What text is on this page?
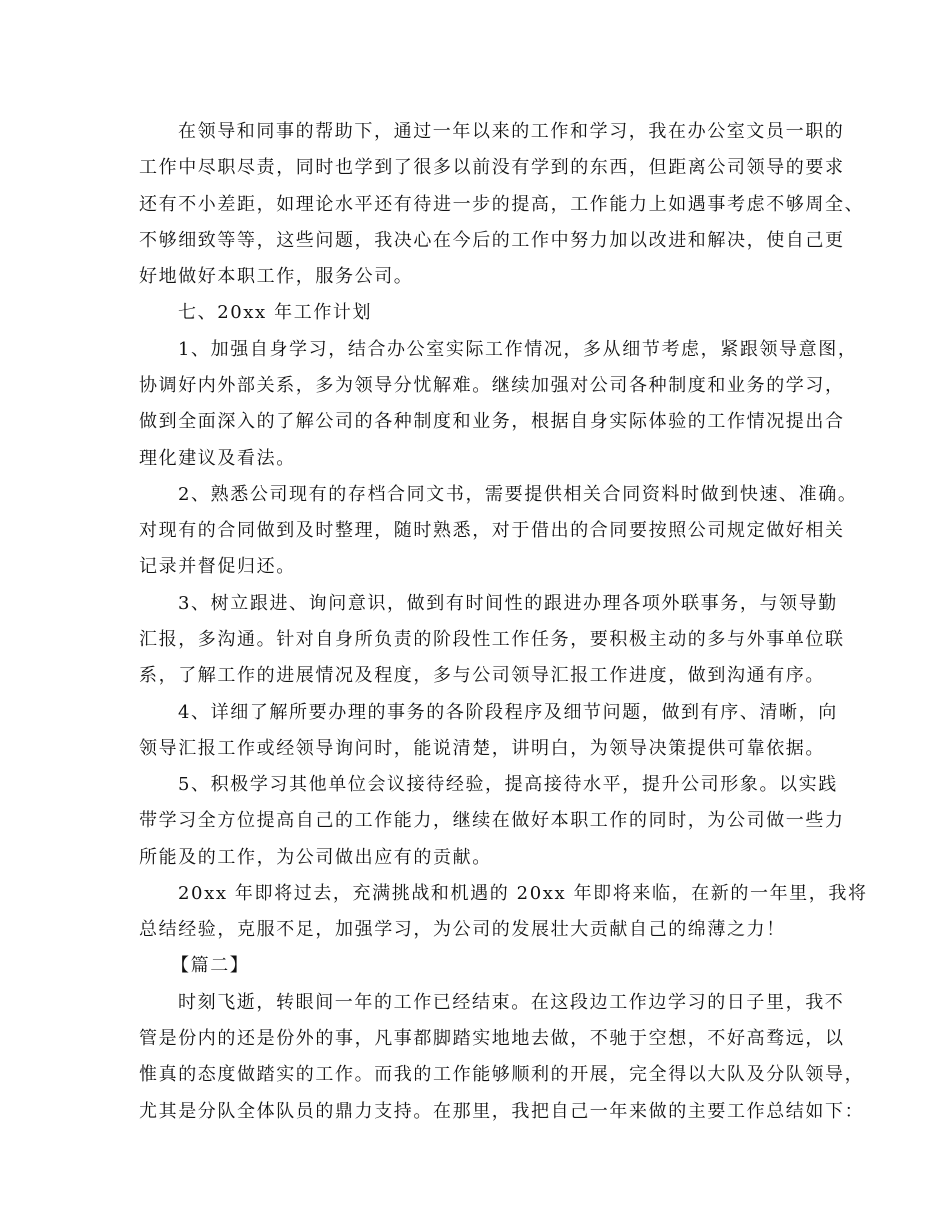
在领导和同事的帮助下，通过一年以来的工作和学习，我在办公室文员一职的
工作中尽职尽责，同时也学到了很多以前没有学到的东西，但距离公司领导的要求
还有不小差距，如理论水平还有待进一步的提高，工作能力上如遇事考虑不够周全、
不够细致等等，这些问题，我决心在今后的工作中努力加以改进和解决，使自己更
好地做好本职工作，服务公司。
七、20xx 年工作计划
1、加强自身学习，结合办公室实际工作情况，多从细节考虑，紧跟领导意图，
协调好内外部关系，多为领导分忧解难。继续加强对公司各种制度和业务的学习，
做到全面深入的了解公司的各种制度和业务，根据自身实际体验的工作情况提出合
理化建议及看法。
2、熟悉公司现有的存档合同文书，需要提供相关合同资料时做到快速、准确。
对现有的合同做到及时整理，随时熟悉，对于借出的合同要按照公司规定做好相关
记录并督促归还。
3、树立跟进、询问意识，做到有时间性的跟进办理各项外联事务，与领导勤
汇报，多沟通。针对自身所负责的阶段性工作任务，要积极主动的多与外事单位联
系，了解工作的进展情况及程度，多与公司领导汇报工作进度，做到沟通有序。
4、详细了解所要办理的事务的各阶段程序及细节问题，做到有序、清晰，向
领导汇报工作或经领导询问时，能说清楚，讲明白，为领导决策提供可靠依据。
5、积极学习其他单位会议接待经验，提高接待水平，提升公司形象。以实践
带学习全方位提高自己的工作能力，继续在做好本职工作的同时，为公司做一些力
所能及的工作，为公司做出应有的贡献。
20xx 年即将过去，充满挑战和机遇的 20xx 年即将来临，在新的一年里，我将
总结经验，克服不足，加强学习，为公司的发展壮大贡献自己的绵薄之力！
【篇二】
时刻飞逝，转眼间一年的工作已经结束。在这段边工作边学习的日子里，我不
管是份内的还是份外的事，凡事都脚踏实地地去做，不驰于空想，不好高骛远，以
惟真的态度做踏实的工作。而我的工作能够顺利的开展，完全得以大队及分队领导，
尤其是分队全体队员的鼎力支持。在那里，我把自己一年来做的主要工作总结如下：
